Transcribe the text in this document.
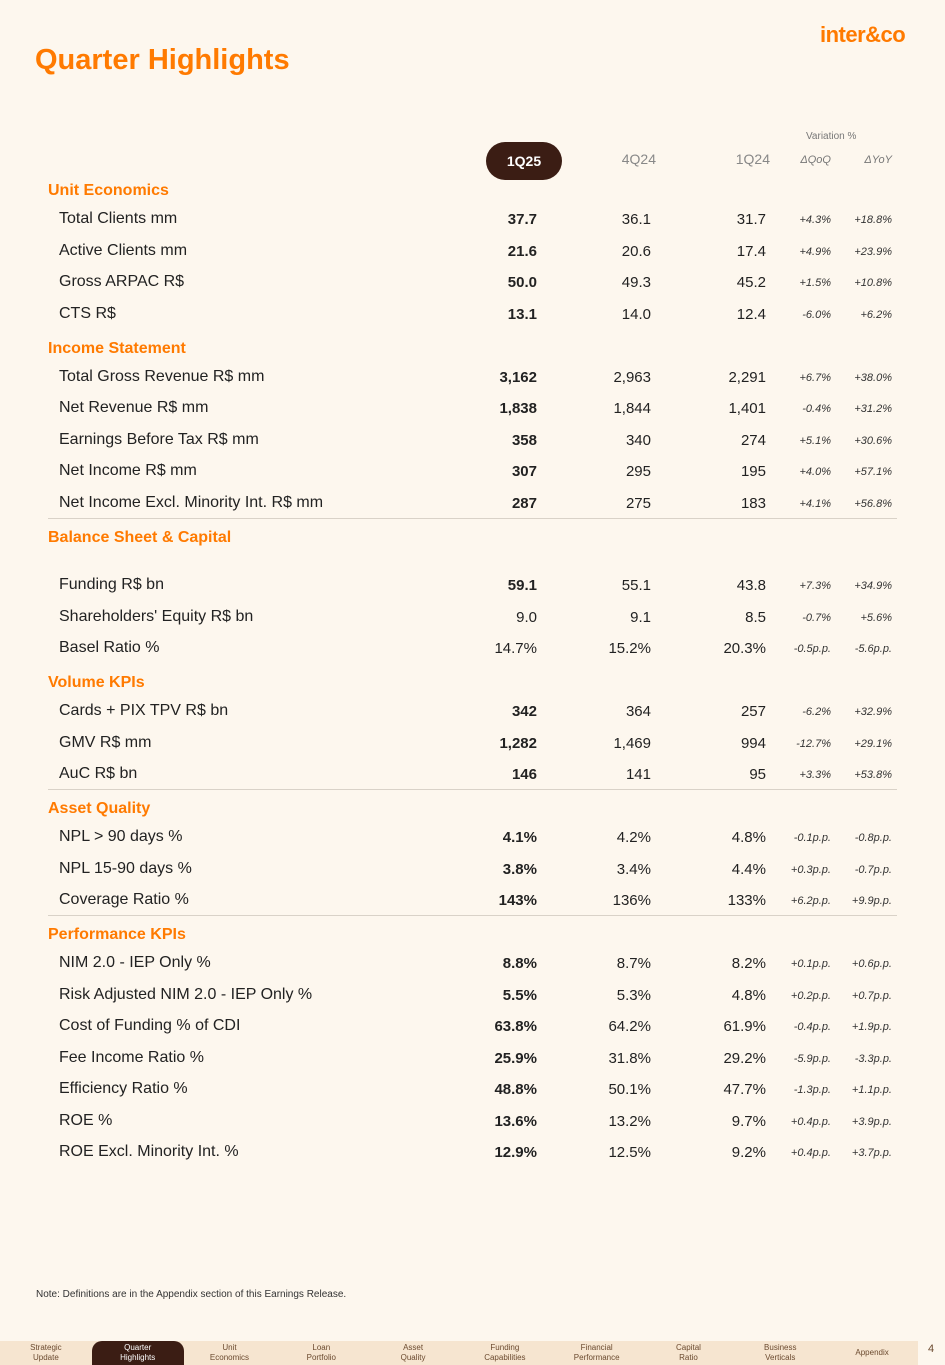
inter&co
Quarter Highlights
Variation %
1Q25	4Q24	1Q24	ΔQoQ	ΔYoY
Unit Economics
Income Statement
Balance Sheet & Capital
Volume KPIs
Asset Quality
Performance KPIs
Total Clients mm	37.7	36.1	31.7	+4.3%	+18.8%
Active Clients mm	21.6	20.6	17.4	+4.9%	+23.9%
Gross ARPAC R$	50.0	49.3	45.2	+1.5%	+10.8%
CTS R$	13.1	14.0	12.4	-6.0%	+6.2%
Total Gross Revenue R$ mm	3,162	2,963	2,291	+6.7%	+38.0%
Net Revenue R$ mm	1,838	1,844	1,401	-0.4%	+31.2%
Earnings Before Tax R$ mm	358	340	274	+5.1%	+30.6%
Net Income R$ mm	307	295	195	+4.0%	+57.1%
Net Income Excl. Minority Int. R$ mm	287	275	183	+4.1%	+56.8%
Funding R$ bn	59.1	55.1	43.8	+7.3%	+34.9%
Shareholders' Equity R$ bn	9.0	9.1	8.5	-0.7%	+5.6%
Basel Ratio %	14.7%	15.2%	20.3%	-0.5p.p.	-5.6p.p.
Cards + PIX TPV R$ bn	342	364	257	-6.2%	+32.9%
GMV R$ mm	1,282	1,469	994	-12.7%	+29.1%
AuC R$ bn	146	141	95	+3.3%	+53.8%
NPL > 90 days %	4.1%	4.2%	4.8%	-0.1p.p.	-0.8p.p.
NPL 15-90 days %	3.8%	3.4%	4.4%	+0.3p.p.	-0.7p.p.
Coverage Ratio %	143%	136%	133%	+6.2p.p.	+9.9p.p.
NIM 2.0 - IEP Only %	8.8%	8.7%	8.2%	+0.1p.p.	+0.6p.p.
Risk Adjusted NIM 2.0 - IEP Only %	5.5%	5.3%	4.8%	+0.2p.p.	+0.7p.p.
Cost of Funding % of CDI	63.8%	64.2%	61.9%	-0.4p.p.	+1.9p.p.
Fee Income Ratio %	25.9%	31.8%	29.2%	-5.9p.p.	-3.3p.p.
Efficiency Ratio %	48.8%	50.1%	47.7%	-1.3p.p.	+1.1p.p.
ROE %	13.6%	13.2%	9.7%	+0.4p.p.	+3.9p.p.
ROE Excl. Minority Int. %	12.9%	12.5%	9.2%	+0.4p.p.	+3.7p.p.
Note: Definitions are in the Appendix section of this Earnings Release.
Strategic
Update
Quarter
Highlights
Unit
Economics
Loan
Portfolio
Asset
Quality
Funding
Capabilities
Financial
Performance
Capital
Ratio
Business
Verticals
Appendix	4
